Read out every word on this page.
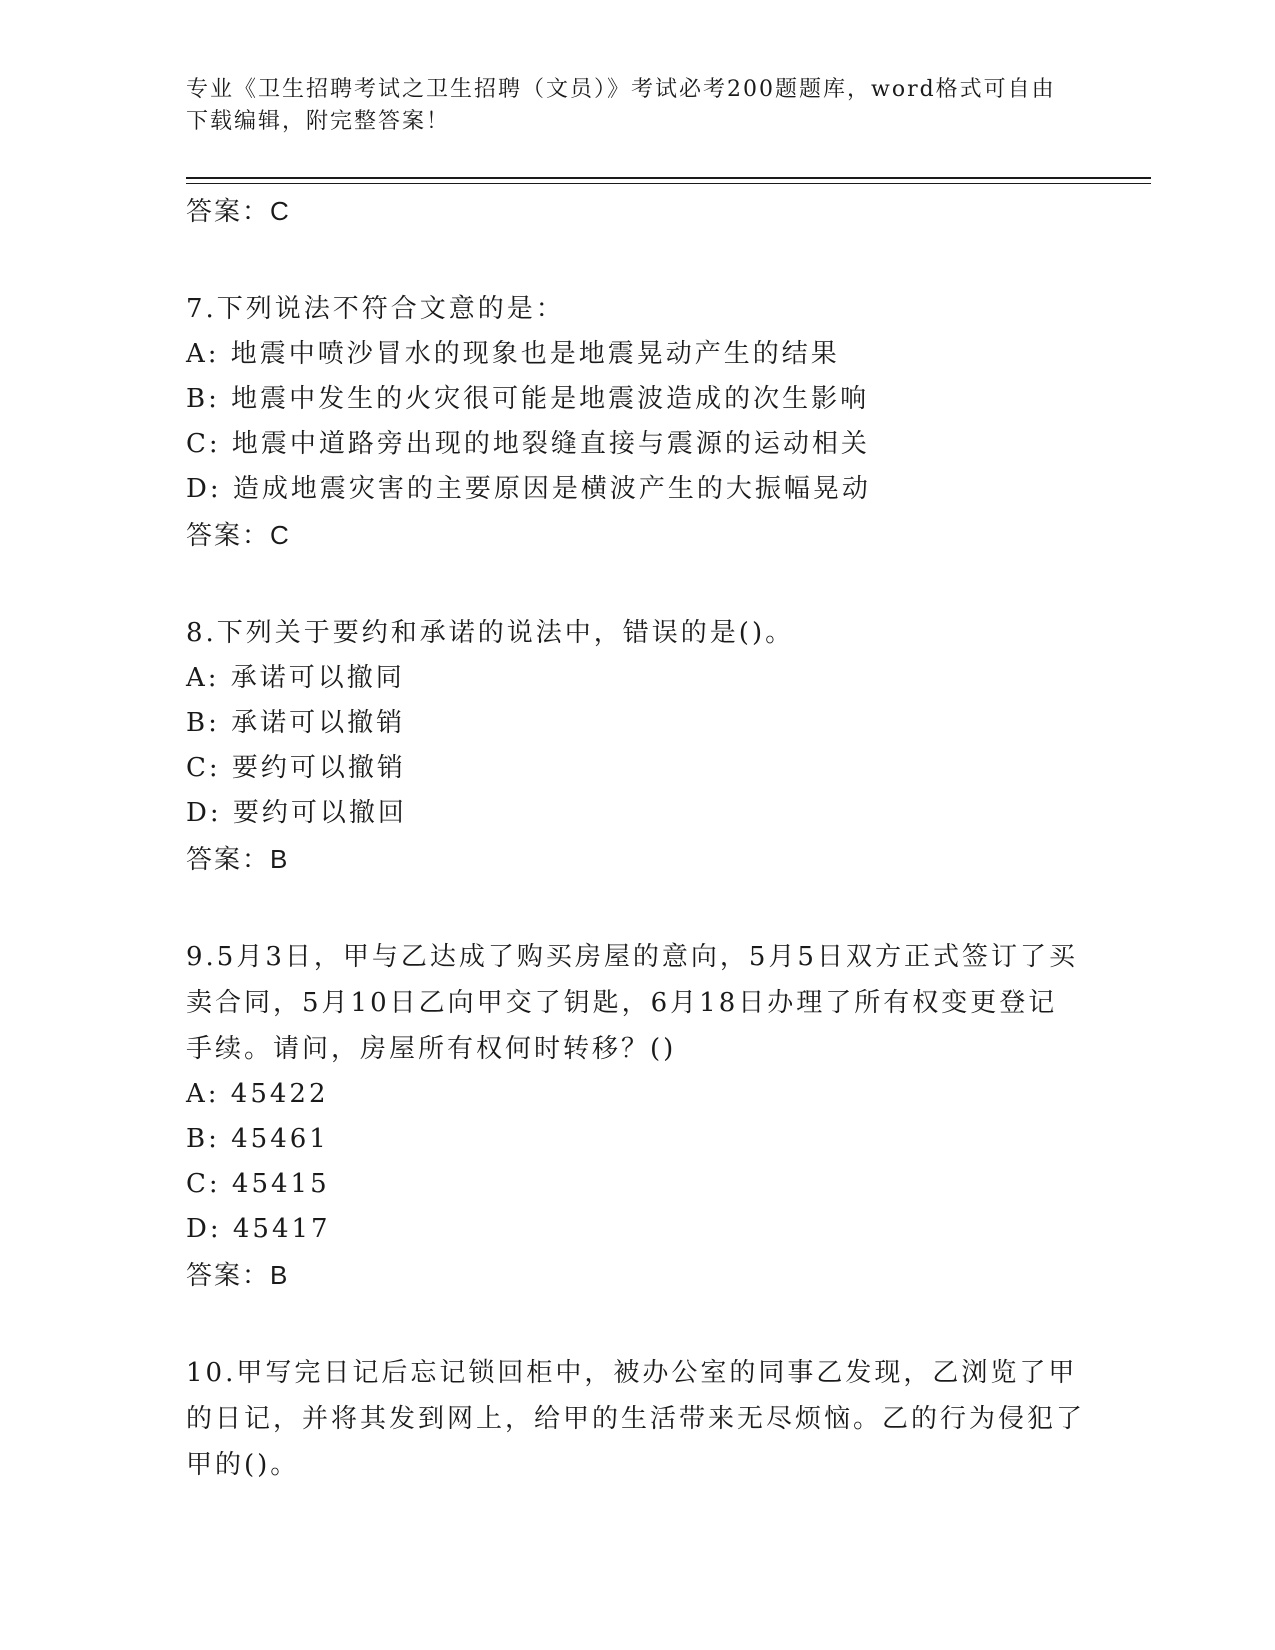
专业《卫生招聘考试之卫生招聘（文员）》考试必考200题题库，word格式可自由下载编辑，附完整答案！
答案：C

7.下列说法不符合文意的是：

A: 地震中喷沙冒水的现象也是地震晃动产生的结果

B: 地震中发生的火灾很可能是地震波造成的次生影响

C: 地震中道路旁出现的地裂缝直接与震源的运动相关

D: 造成地震灾害的主要原因是横波产生的大振幅晃动

答案：C

8.下列关于要约和承诺的说法中，错误的是()。

A: 承诺可以撤同

B: 承诺可以撤销

C: 要约可以撤销

D: 要约可以撤回

答案：B

9.5月3日，甲与乙达成了购买房屋的意向，5月5日双方正式签订了买卖合同，5月10日乙向甲交了钥匙，6月18日办理了所有权变更登记手续。请问，房屋所有权何时转移？()

A: 45422

B: 45461

C: 45415

D: 45417

答案：B

10.甲写完日记后忘记锁回柜中，被办公室的同事乙发现，乙浏览了甲的日记，并将其发到网上，给甲的生活带来无尽烦恼。乙的行为侵犯了甲的()。
